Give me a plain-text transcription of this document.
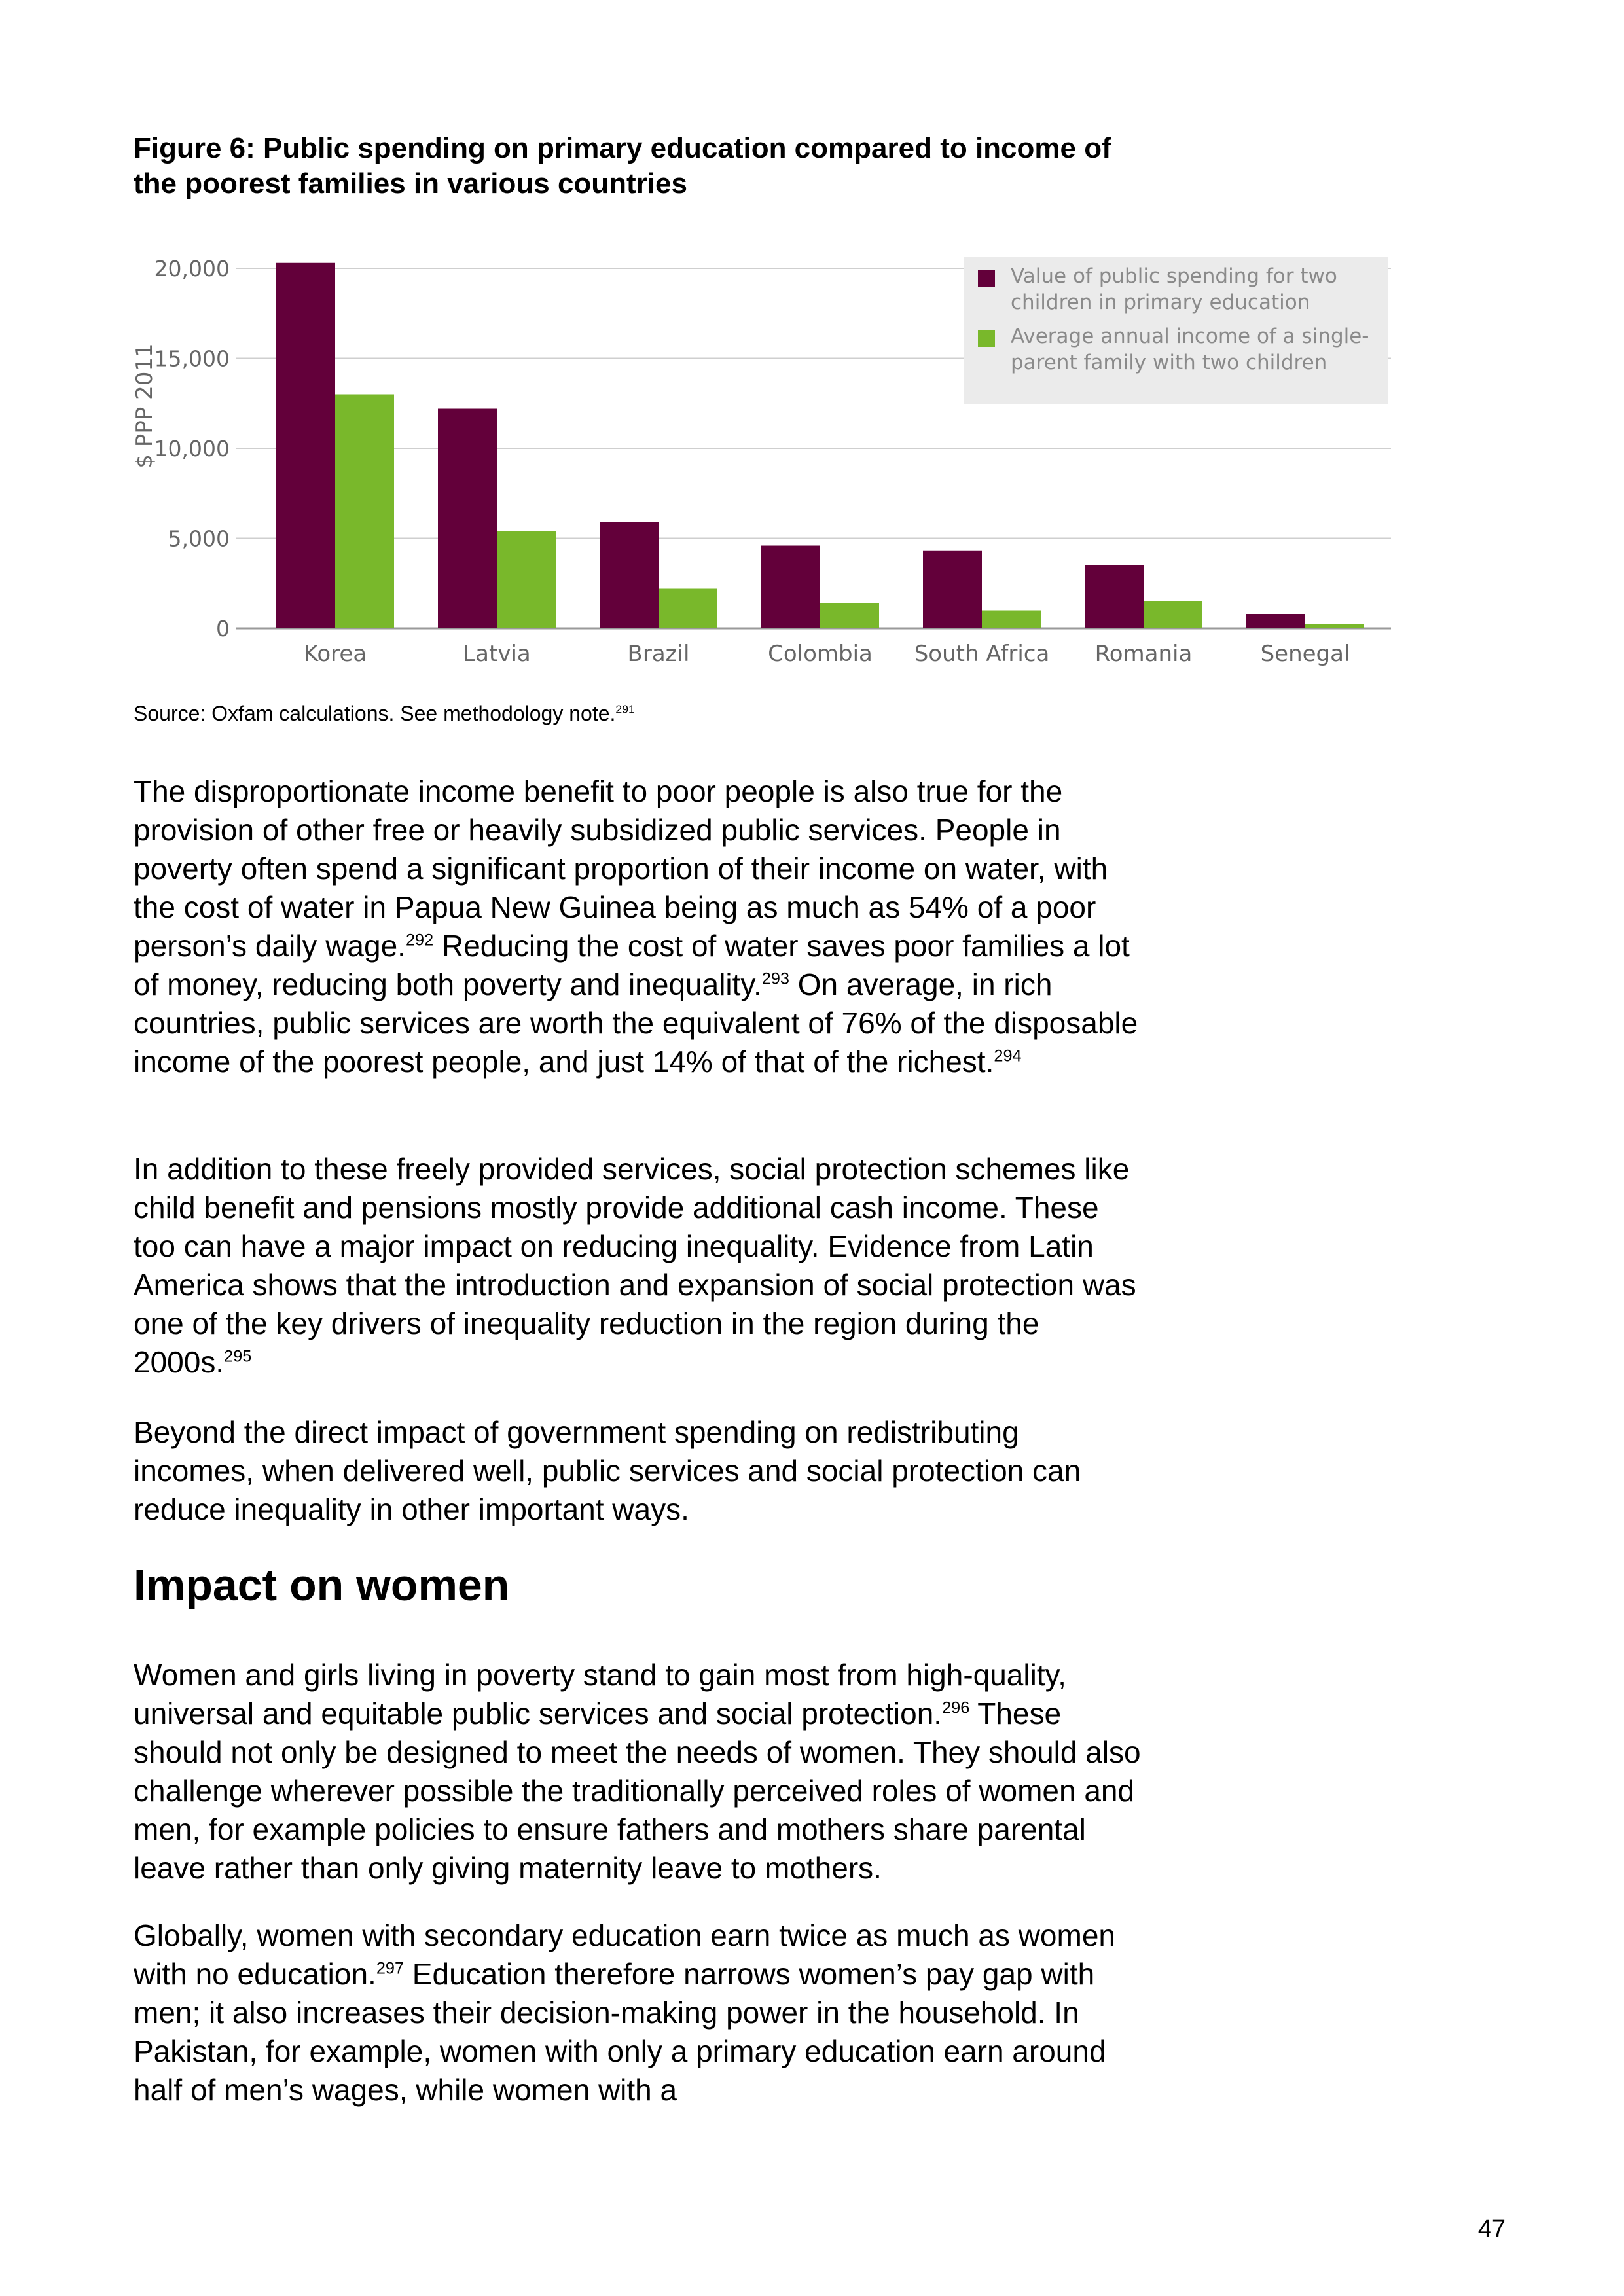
Figure 6: Public spending on primary education compared to income of the poorest families in various countries
0
5,000
10,000
15,000
20,000
Korea	Latvia	Brazil	Colombia South Africa Romania	Senegal
$ PPP 2011
Value of public spending for two
children in primary education
Average annual income of a single-
parent family with two children
Source: Oxfam calculations. See methodology note.$^{291}$

The disproportionate income benefit to poor people is also true for the provision of other free or heavily subsidized public services. People in poverty often spend a significant proportion of their income on water, with the cost of water in Papua New Guinea being as much as 54% of a poor person’s daily wage.$^{292}$ Reducing the cost of water saves poor families a lot of money, reducing both poverty and inequality.$^{293}$ On average, in rich countries, public services are worth the equivalent of 76% of the disposable income of the poorest people, and just 14% of that of the richest.$^{294}$

In addition to these freely provided services, social protection schemes like child benefit and pensions mostly provide additional cash income. These too can have a major impact on reducing inequality. Evidence from Latin America shows that the introduction and expansion of social protection was one of the key drivers of inequality reduction in the region during the 2000s.$^{295}$

Beyond the direct impact of government spending on redistributing incomes, when delivered well, public services and social protection can reduce inequality in other important ways.

Impact on women

Women and girls living in poverty stand to gain most from high-quality, universal and equitable public services and social protection.$^{296}$ These should not only be designed to meet the needs of women. They should also challenge wherever possible the traditionally perceived roles of women and men, for example policies to ensure fathers and mothers share parental leave rather than only giving maternity leave to mothers.

Globally, women with secondary education earn twice as much as women with no education.$^{297}$ Education therefore narrows women’s pay gap with men; it also increases their decision-making power in the household. In Pakistan, for example, women with only a primary education earn around half of men’s wages, while women with a

47
